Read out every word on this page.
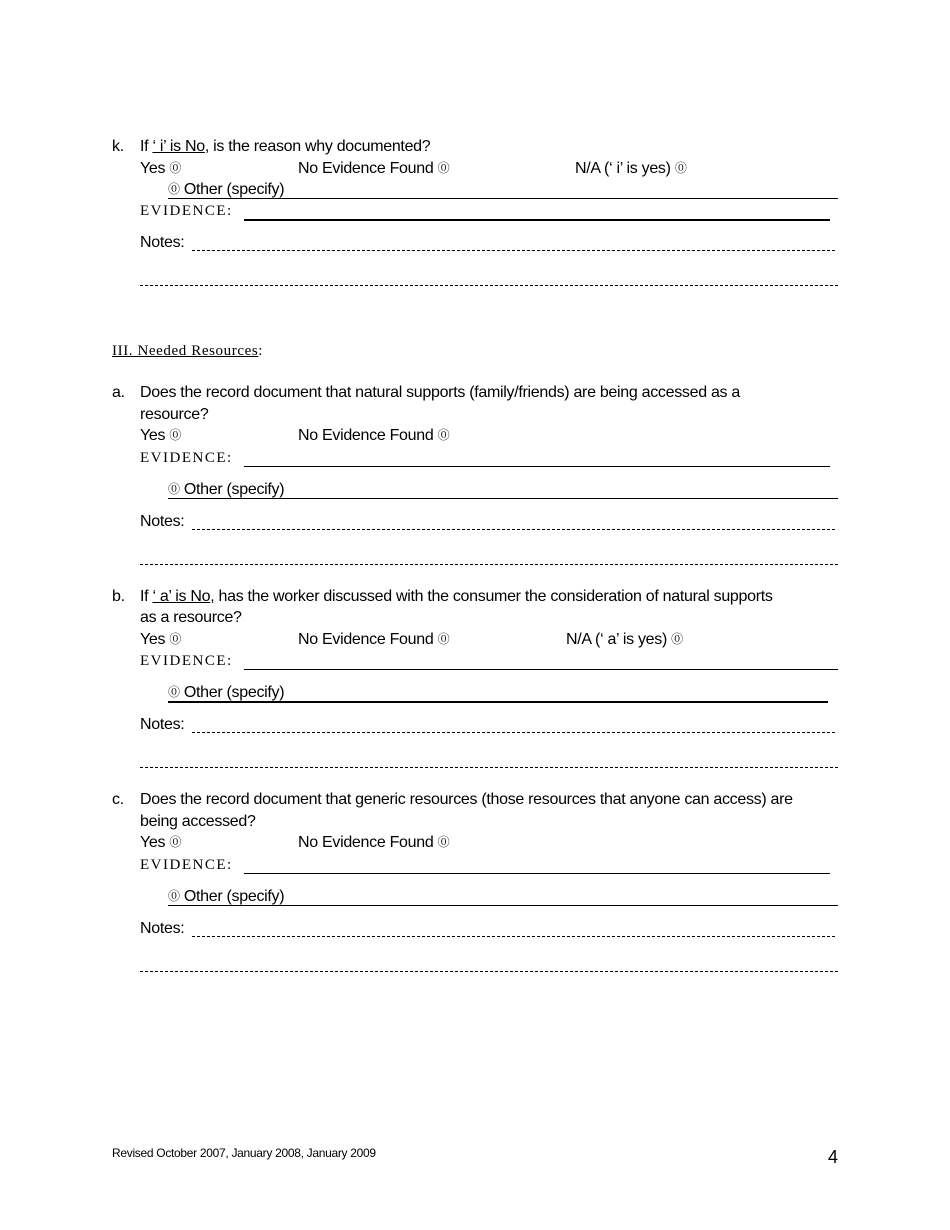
k. If ‘ i’ is No, is the reason why documented?
Yes ⓪	No Evidence Found ⓪	N/A (‘ i’ is yes) ⓪
⓪ Other (specify)
EVIDENCE:
Notes:
III. Needed Resources:
a. Does the record document that natural supports (family/friends) are being accessed as a
resource?
Yes ⓪	No Evidence Found ⓪
EVIDENCE:
⓪ Other (specify)
Notes:
b. If ‘ a’ is No, has the worker discussed with the consumer the consideration of natural supports
as a resource?
Yes ⓪	No Evidence Found ⓪	N/A (‘ a’ is yes) ⓪
EVIDENCE:
⓪ Other (specify)
Notes:
c. Does the record document that generic resources (those resources that anyone can access) are
being accessed?
Yes ⓪	No Evidence Found ⓪
EVIDENCE:
⓪ Other (specify)
Notes:
Revised October 2007, January 2008, January 2009	4
